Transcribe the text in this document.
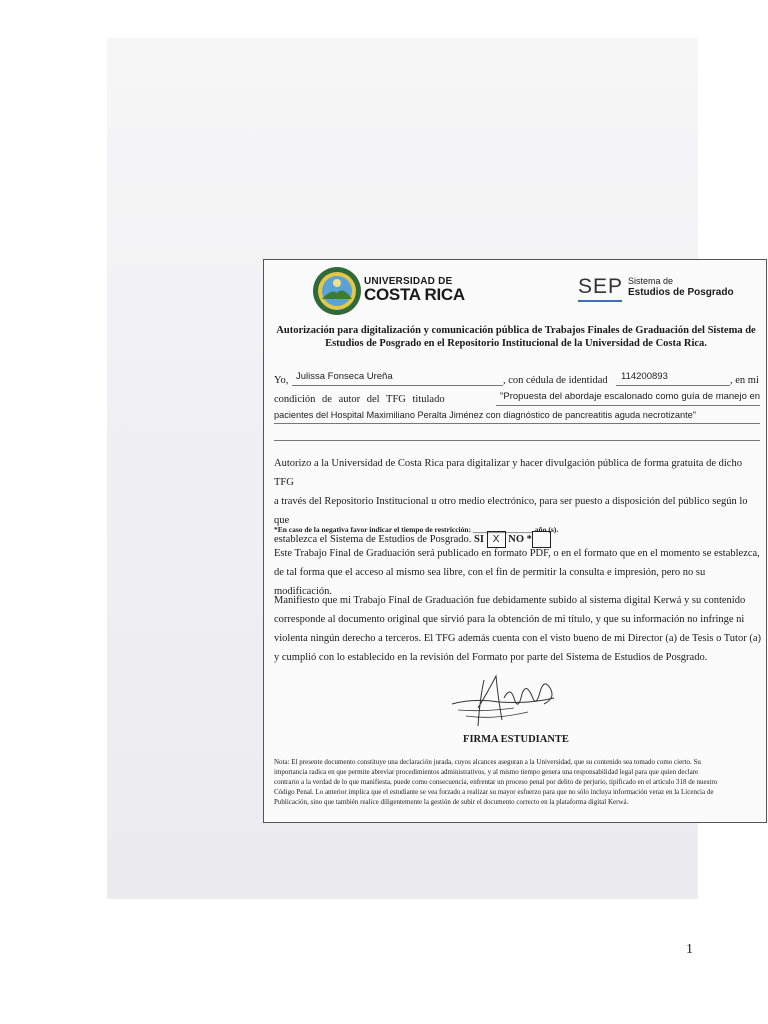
UNIVERSIDAD DE
COSTA RICA	SEP Sistema de
Estudios de Posgrado
Autorización para digitalización y comunicación pública de Trabajos Finales de Graduación del Sistema de
Estudios de Posgrado en el Repositorio Institucional de la Universidad de Costa Rica.
Yo, Julissa Fonseca Ureña	, con cédula de identidad 114200893	, en mi
condición de autor del TFG titulado	"Propuesta del abordaje escalonado como guía de manejo en
pacientes del Hospital Maximiliano Peralta Jiménez con diagnóstico de pancreatitis aguda necrotizante"
Autorizo a la Universidad de Costa Rica para digitalizar y hacer divulgación pública de forma gratuita de dicho TFG
a través del Repositorio Institucional u otro medio electrónico, para ser puesto a disposición del público según lo que
establezca el Sistema de Estudios de Posgrado. SI X NO *
*En caso de la negativa favor indicar el tiempo de restricción: ________________ año (s).
Este Trabajo Final de Graduación será publicado en formato PDF, o en el formato que en el momento se establezca,
de tal forma que el acceso al mismo sea libre, con el fin de permitir la consulta e impresión, pero no su modificación.
Manifiesto que mi Trabajo Final de Graduación fue debidamente subido al sistema digital Kerwá y su contenido
corresponde al documento original que sirvió para la obtención de mi título, y que su información no infringe ni
violenta ningún derecho a terceros. El TFG además cuenta con el visto bueno de mi Director (a) de Tesis o Tutor (a)
y cumplió con lo establecido en la revisión del Formato por parte del Sistema de Estudios de Posgrado.
FIRMA ESTUDIANTE
Nota: El presente documento constituye una declaración jurada, cuyos alcances aseguran a la Universidad, que su contenido sea tomado como cierto. Su
importancia radica en que permite abreviar procedimientos administrativos, y al mismo tiempo genera una responsabilidad legal para que quien declare
contrario a la verdad de lo que manifiesta, puede como consecuencia, enfrentar un proceso penal por delito de perjurio, tipificado en el artículo 318 de nuestro
Código Penal. Lo anterior implica que el estudiante se vea forzado a realizar su mayor esfuerzo para que no sólo incluya información veraz en la Licencia de
Publicación, sino que también realice diligentemente la gestión de subir el documento correcto en la plataforma digital Kerwá.
1
